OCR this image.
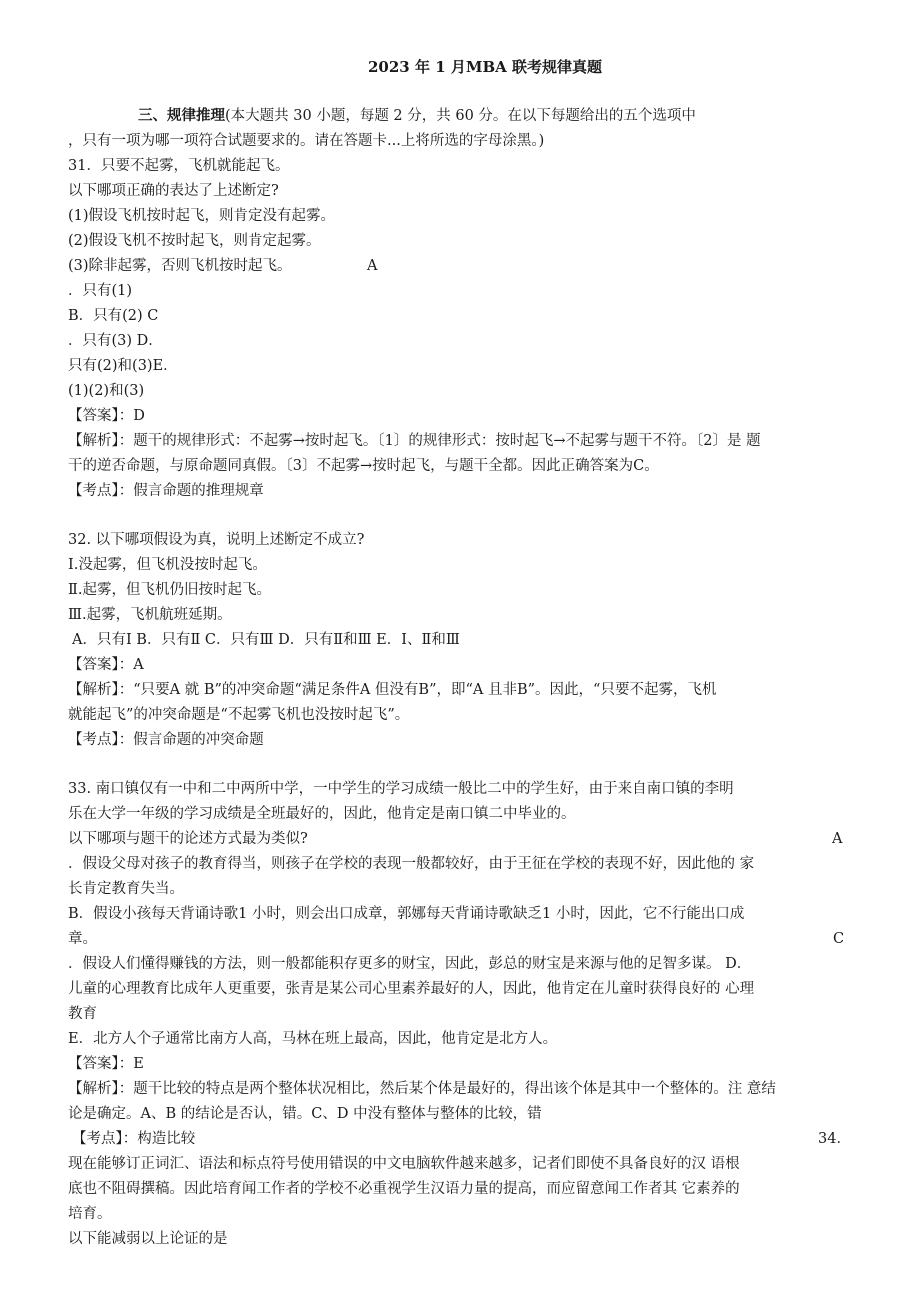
2023 年 1 月MBA 联考规律真题
三、规律推理(本大题共 30 小题，每题 2 分，共 60 分。在以下每题给出的五个选项中
，只有一项为哪一项符合试题要求的。请在答题卡...上将所选的字母涂黑。)
31．只要不起雾，飞机就能起飞。
以下哪项正确的表达了上述断定?
(1)假设飞机按时起飞，则肯定没有起雾。
(2)假设飞机不按时起飞，则肯定起雾。
(3)除非起雾，否则飞机按时起飞。	A
．只有(1)
B．只有(2) C
．只有(3) D．
只有(2)和(3)E．
(1)(2)和(3)
【答案】：D
【解析】：题干的规律形式：不起雾→按时起飞。〔1〕的规律形式：按时起飞→不起雾与题干不符。〔2〕是 题
干的逆否命题，与原命题同真假。〔3〕不起雾→按时起飞，与题干全都。因此正确答案为C。
【考点】：假言命题的推理规章
32. 以下哪项假设为真，说明上述断定不成立?
Ⅰ.没起雾，但飞机没按时起飞。
Ⅱ.起雾，但飞机仍旧按时起飞。
Ⅲ.起雾，飞机航班延期。
A．只有Ⅰ B．只有Ⅱ C．只有Ⅲ D．只有Ⅱ和Ⅲ E．Ⅰ、Ⅱ和Ⅲ
【答案】：A
【解析】：“只要A 就 B”的冲突命题“满足条件A 但没有B”，即“A 且非B”。因此，“只要不起雾，飞机
就能起飞”的冲突命题是“不起雾飞机也没按时起飞”。
【考点】：假言命题的冲突命题
33. 南口镇仅有一中和二中两所中学，一中学生的学习成绩一般比二中的学生好，由于来自南口镇的李明
乐在大学一年级的学习成绩是全班最好的，因此，他肯定是南口镇二中毕业的。
以下哪项与题干的论述方式最为类似?	A
．假设父母对孩子的教育得当，则孩子在学校的表现一般都较好，由于王征在学校的表现不好，因此他的 家
长肯定教育失当。
B．假设小孩每天背诵诗歌1 小时，则会出口成章，郭娜每天背诵诗歌缺乏1 小时，因此，它不行能出口成
章。	C
．假设人们懂得赚钱的方法，则一般都能积存更多的财宝，因此，彭总的财宝是来源与他的足智多谋。 D．
儿童的心理教育比成年人更重要，张青是某公司心里素养最好的人，因此，他肯定在儿童时获得良好的 心理
教育
E．北方人个子通常比南方人高，马林在班上最高，因此，他肯定是北方人。
【答案】：E
【解析】：题干比较的特点是两个整体状况相比，然后某个体是最好的，得出该个体是其中一个整体的。注 意结
论是确定。A、B 的结论是否认，错。C、D 中没有整体与整体的比较，错
【考点】：构造比较	34．
现在能够订正词汇、语法和标点符号使用错误的中文电脑软件越来越多，记者们即使不具备良好的汉 语根
底也不阻碍撰稿。因此培育闻工作者的学校不必重视学生汉语力量的提高，而应留意闻工作者其 它素养的
培育。
以下能减弱以上论证的是
